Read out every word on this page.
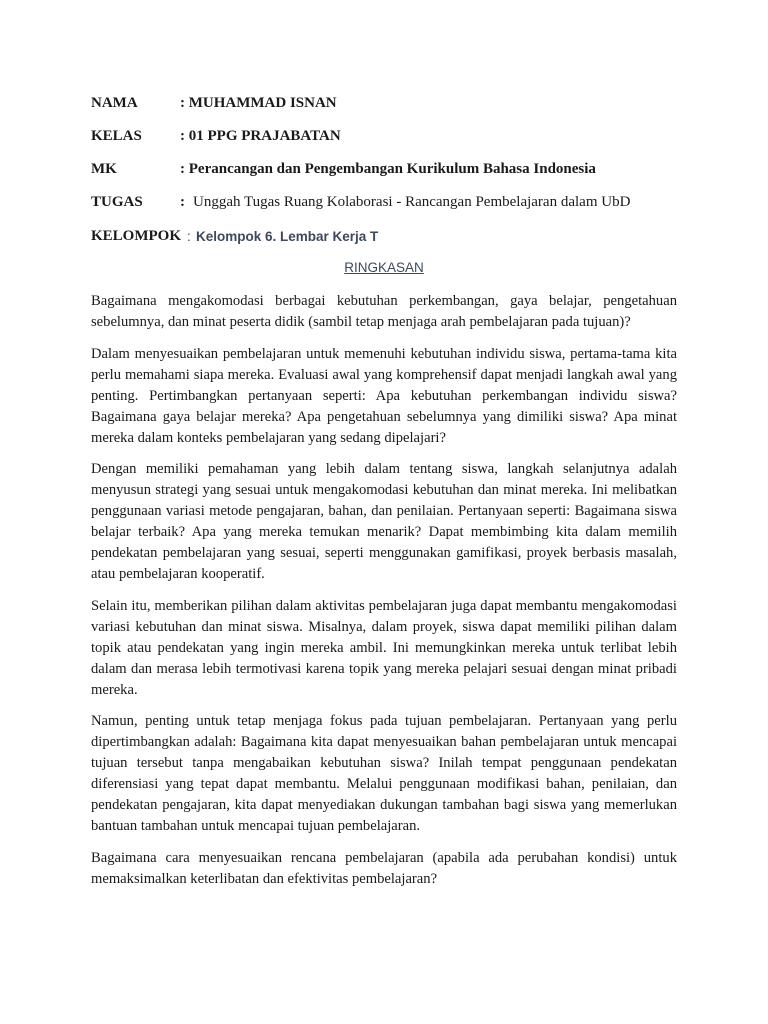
NAMA	: MUHAMMAD ISNAN
KELAS	: 01 PPG PRAJABATAN
MK	: Perancangan dan Pengembangan Kurikulum Bahasa Indonesia
TUGAS : Unggah Tugas Ruang Kolaborasi - Rancangan Pembelajaran dalam UbD
KELOMPOK : Kelompok 6. Lembar Kerja T
RINGKASAN

Bagaimana mengakomodasi berbagai kebutuhan perkembangan, gaya belajar, pengetahuan sebelumnya, dan minat peserta didik (sambil tetap menjaga arah pembelajaran pada tujuan)?

Dalam menyesuaikan pembelajaran untuk memenuhi kebutuhan individu siswa, pertama-tama kita perlu memahami siapa mereka. Evaluasi awal yang komprehensif dapat menjadi langkah awal yang penting. Pertimbangkan pertanyaan seperti: Apa kebutuhan perkembangan individu siswa? Bagaimana gaya belajar mereka? Apa pengetahuan sebelumnya yang dimiliki siswa? Apa minat mereka dalam konteks pembelajaran yang sedang dipelajari?

Dengan memiliki pemahaman yang lebih dalam tentang siswa, langkah selanjutnya adalah menyusun strategi yang sesuai untuk mengakomodasi kebutuhan dan minat mereka. Ini melibatkan penggunaan variasi metode pengajaran, bahan, dan penilaian. Pertanyaan seperti: Bagaimana siswa belajar terbaik? Apa yang mereka temukan menarik? Dapat membimbing kita dalam memilih pendekatan pembelajaran yang sesuai, seperti menggunakan gamifikasi, proyek berbasis masalah, atau pembelajaran kooperatif.

Selain itu, memberikan pilihan dalam aktivitas pembelajaran juga dapat membantu mengakomodasi variasi kebutuhan dan minat siswa. Misalnya, dalam proyek, siswa dapat memiliki pilihan dalam topik atau pendekatan yang ingin mereka ambil. Ini memungkinkan mereka untuk terlibat lebih dalam dan merasa lebih termotivasi karena topik yang mereka pelajari sesuai dengan minat pribadi mereka.

Namun, penting untuk tetap menjaga fokus pada tujuan pembelajaran. Pertanyaan yang perlu dipertimbangkan adalah: Bagaimana kita dapat menyesuaikan bahan pembelajaran untuk mencapai tujuan tersebut tanpa mengabaikan kebutuhan siswa? Inilah tempat penggunaan pendekatan diferensiasi yang tepat dapat membantu. Melalui penggunaan modifikasi bahan, penilaian, dan pendekatan pengajaran, kita dapat menyediakan dukungan tambahan bagi siswa yang memerlukan bantuan tambahan untuk mencapai tujuan pembelajaran.

Bagaimana cara menyesuaikan rencana pembelajaran (apabila ada perubahan kondisi) untuk memaksimalkan keterlibatan dan efektivitas pembelajaran?
